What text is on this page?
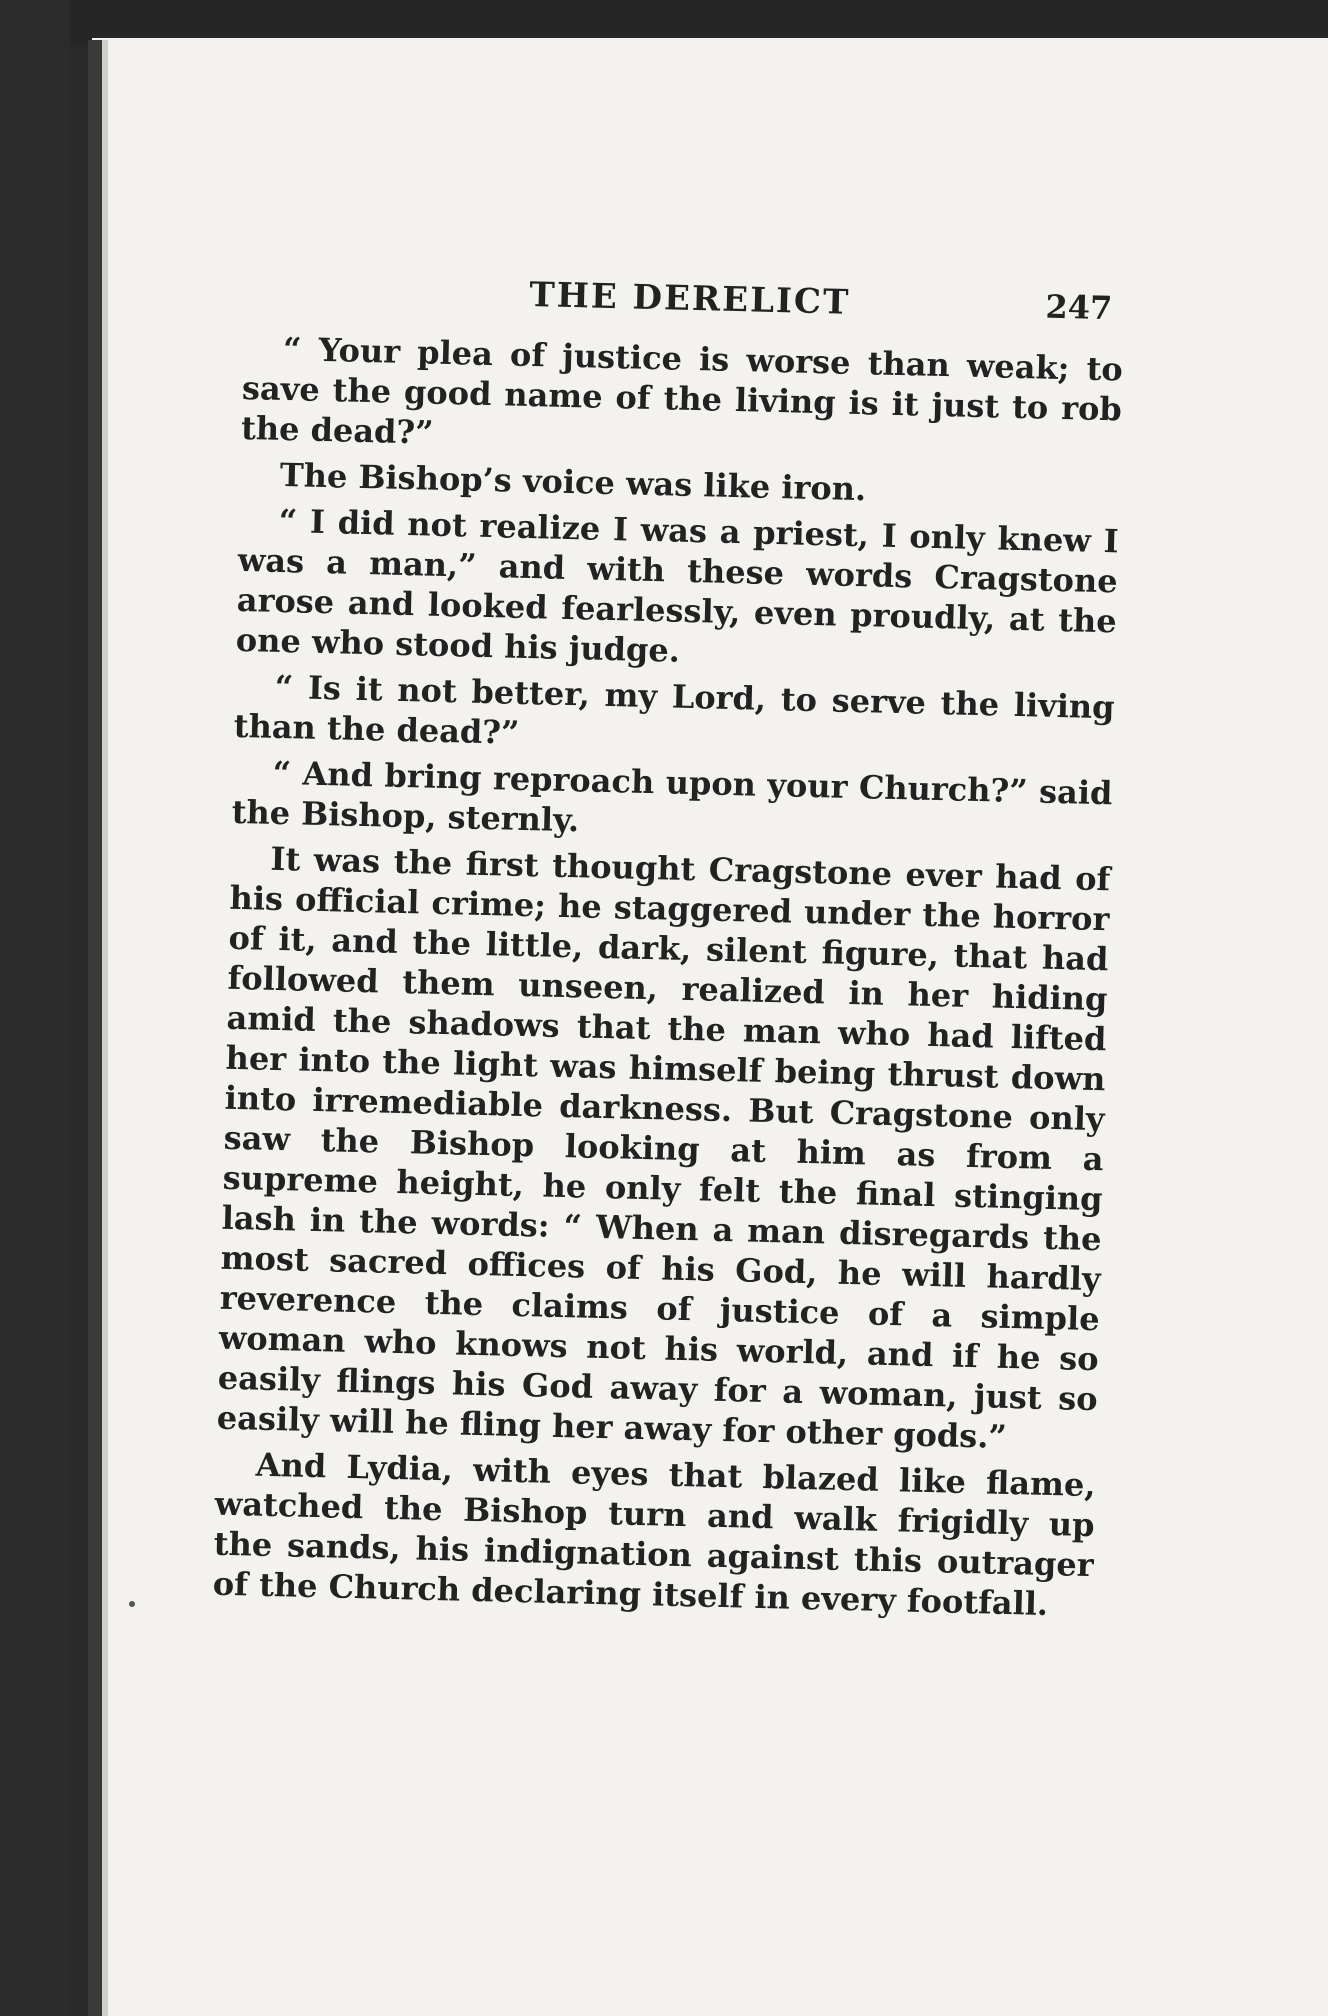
THE DERELICT	247

“ Your plea of justice is worse than weak; to save the good name of the living is it just to rob the dead?”

The Bishop’s voice was like iron.

“ I did not realize I was a priest, I only knew I was a man,” and with these words Cragstone arose and looked fearlessly, even proudly, at the one who stood his judge.

“ Is it not better, my Lord, to serve the living than the dead?”

“ And bring reproach upon your Church?” said the Bishop, sternly.

It was the first thought Cragstone ever had of his official crime; he staggered under the horror of it, and the little, dark, silent figure, that had followed them unseen, realized in her hiding amid the shadows that the man who had lifted her into the light was himself being thrust down into irremediable darkness. But Cragstone only saw the Bishop looking at him as from a supreme height, he only felt the final stinging lash in the words: “ When a man disregards the most sacred offices of his God, he will hardly reverence the claims of justice of a simple woman who knows not his world, and if he so easily flings his God away for a woman, just so easily will he fling her away for other gods.”

And Lydia, with eyes that blazed like flame, watched the Bishop turn and walk frigidly up the sands, his indignation against this outrager of the Church declaring itself in every footfall.
